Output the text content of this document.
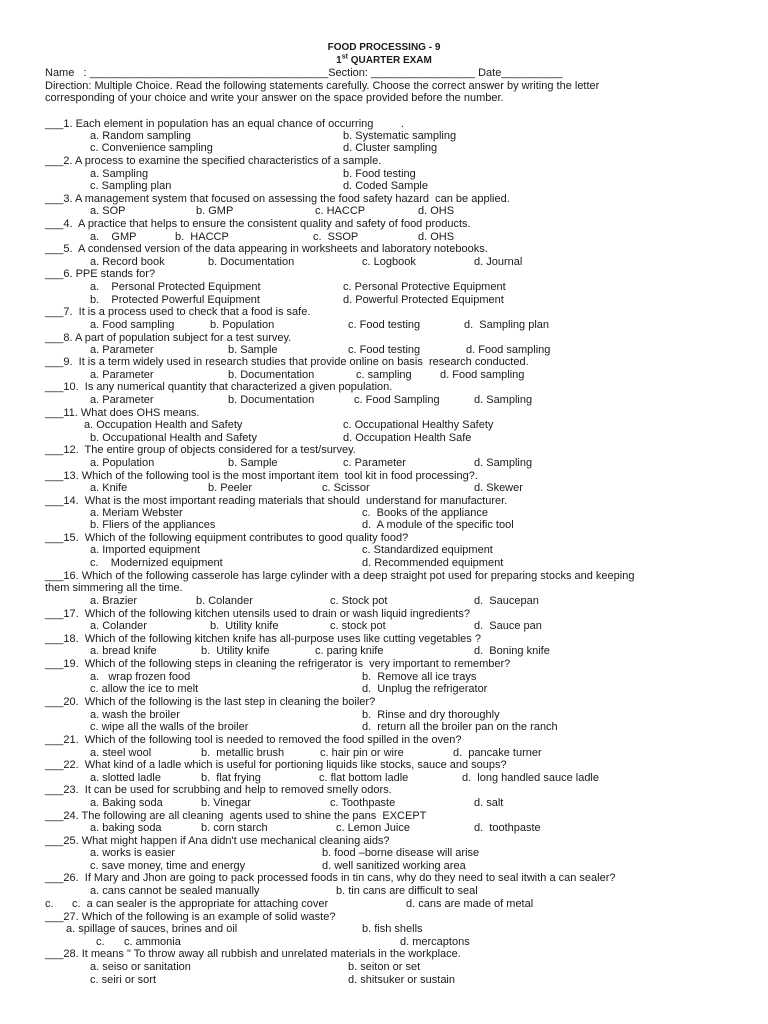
FOOD PROCESSING - 9
1st QUARTER EXAM
Name   : _______________________________________Section: _________________ Date__________
Direction: Multiple Choice. Read the following statements carefully. Choose the correct answer by writing the letter
corresponding of your choice and write your answer on the space provided before the number.
___1. Each element in population has an equal chance of occurring         .
a. Random sampling	b. Systematic sampling
c. Convenience sampling	d. Cluster sampling
___2. A process to examine the specified characteristics of a sample.
a. Sampling	b. Food testing
c. Sampling plan	d. Coded Sample
___3. A management system that focused on assessing the food safety hazard  can be applied.
a. SOP	b. GMP	c. HACCP	d. OHS
___4.  A practice that helps to ensure the consistent quality and safety of food products.
a.    GMP	b.  HACCP	c.  SSOP	d. OHS
___5.  A condensed version of the data appearing in worksheets and laboratory notebooks.
a. Record book	b. Documentation	c. Logbook	d. Journal
___6. PPE stands for?
a.    Personal Protected Equipment	c. Personal Protective Equipment
b.    Protected Powerful Equipment	d. Powerful Protected Equipment
___7.  It is a process used to check that a food is safe.
a. Food sampling	b. Population	c. Food testing	d.  Sampling plan
___8. A part of population subject for a test survey.
a. Parameter	b. Sample	c. Food testing	d. Food sampling
___9.  It is a term widely used in research studies that provide online on basis  research conducted.
a. Parameter	b. Documentation	c. sampling	d. Food sampling
___10.  Is any numerical quantity that characterized a given population.
a. Parameter	b. Documentation	c. Food Sampling	d. Sampling
___11. What does OHS means.
a. Occupation Health and Safety	c. Occupational Healthy Safety
b. Occupational Health and Safety	d. Occupation Health Safe
___12.  The entire group of objects considered for a test/survey.
a. Population	b. Sample	c. Parameter	d. Sampling
___13. Which of the following tool is the most important item  tool kit in food processing?.
a. Knife	b. Peeler	c. Scissor	d. Skewer
___14.  What is the most important reading materials that should  understand for manufacturer.
a. Meriam Webster	c.  Books of the appliance
b. Fliers of the appliances	d.  A module of the specific tool
___15.  Which of the following equipment contributes to good quality food?
a. Imported equipment	c. Standardized equipment
c.    Modernized equipment	d. Recommended equipment
___16. Which of the following casserole has large cylinder with a deep straight pot used for preparing stocks and keeping
them simmering all the time.
a. Brazier	b. Colander	c. Stock pot	d.  Saucepan
___17.  Which of the following kitchen utensils used to drain or wash liquid ingredients?
a. Colander	b.  Utility knife	c. stock pot	d.  Sauce pan
___18.  Which of the following kitchen knife has all-purpose uses like cutting vegetables ?
a. bread knife	b.  Utility knife	c. paring knife	d.  Boning knife
___19.  Which of the following steps in cleaning the refrigerator is  very important to remember?
a.   wrap frozen food	b.  Remove all ice trays
c. allow the ice to melt	d.  Unplug the refrigerator
___20.  Which of the following is the last step in cleaning the boiler?
a. wash the broiler	b.  Rinse and dry thoroughly
c. wipe all the walls of the broiler	d.  return all the broiler pan on the ranch
___21.  Which of the following tool is needed to removed the food spilled in the oven?
a. steel wool	b.  metallic brush	c. hair pin or wire	d.  pancake turner
___22.  What kind of a ladle which is useful for portioning liquids like stocks, sauce and soups?
a. slotted ladle	b.  flat frying	c. flat bottom ladle	d.  long handled sauce ladle
___23.  It can be used for scrubbing and help to removed smelly odors.
a. Baking soda	b. Vinegar	c. Toothpaste	d. salt
___24. The following are all cleaning  agents used to shine the pans  EXCEPT
a. baking soda	b. corn starch	c. Lemon Juice	d.  toothpaste
___25. What might happen if Ana didn't use mechanical cleaning aids?
a. works is easier	b. food –borne disease will arise
c. save money, time and energy	d. well sanitized working area
___26.  If Mary and Jhon are going to pack processed foods in tin cans, why do they need to seal itwith a can sealer?
a. cans cannot be sealed manually	b. tin cans are difficult to seal
c. c.  a can sealer is the appropriate for attaching cover	d. cans are made of metal
___27. Which of the following is an example of solid waste?
a. spillage of sauces, brines and oil	b. fish shells
c. c. ammonia	d. mercaptons
___28. It means " To throw away all rubbish and unrelated materials in the workplace.
a. seiso or sanitation	b. seiton or set
c. seiri or sort	d. shitsuker or sustain
